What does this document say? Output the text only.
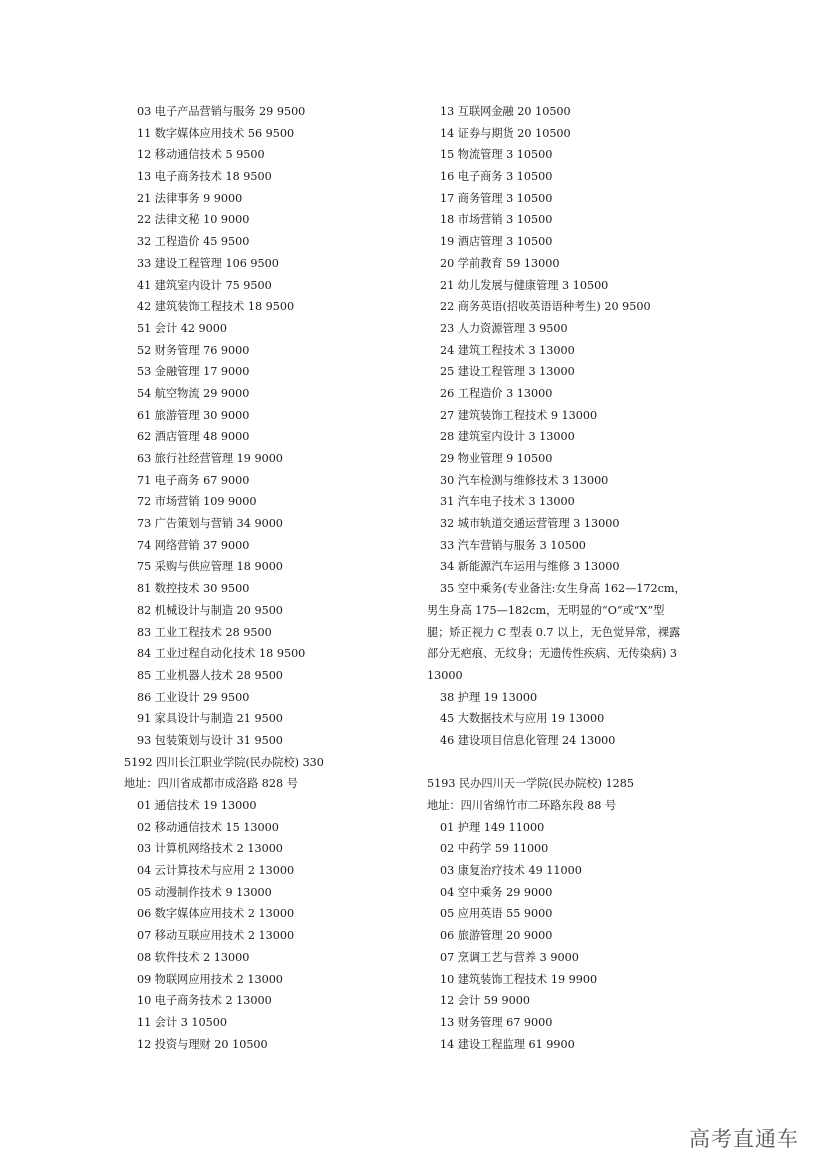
03 电子产品营销与服务 29 9500
11 数字媒体应用技术 56 9500
12 移动通信技术 5 9500
13 电子商务技术 18 9500
21 法律事务 9 9000
22 法律文秘 10 9000
32 工程造价 45 9500
33 建设工程管理 106 9500
41 建筑室内设计 75 9500
42 建筑装饰工程技术 18 9500
51 会计 42 9000
52 财务管理 76 9000
53 金融管理 17 9000
54 航空物流 29 9000
61 旅游管理 30 9000
62 酒店管理 48 9000
63 旅行社经营管理 19 9000
71 电子商务 67 9000
72 市场营销 109 9000
73 广告策划与营销 34 9000
74 网络营销 37 9000
75 采购与供应管理 18 9000
81 数控技术 30 9500
82 机械设计与制造 20 9500
83 工业工程技术 28 9500
84 工业过程自动化技术 18 9500
85 工业机器人技术 28 9500
86 工业设计 29 9500
91 家具设计与制造 21 9500
93 包装策划与设计 31 9500
5192 四川长江职业学院(民办院校) 330
地址：四川省成都市成洛路 828 号
01 通信技术 19 13000
02 移动通信技术 15 13000
03 计算机网络技术 2 13000
04 云计算技术与应用 2 13000
05 动漫制作技术 9 13000
06 数字媒体应用技术 2 13000
07 移动互联应用技术 2 13000
08 软件技术 2 13000
09 物联网应用技术 2 13000
10 电子商务技术 2 13000
11 会计 3 10500
12 投资与理财 20 10500
13 互联网金融 20 10500
14 证券与期货 20 10500
15 物流管理 3 10500
16 电子商务 3 10500
17 商务管理 3 10500
18 市场营销 3 10500
19 酒店管理 3 10500
20 学前教育 59 13000
21 幼儿发展与健康管理 3 10500
22 商务英语(招收英语语种考生) 20 9500
23 人力资源管理 3 9500
24 建筑工程技术 3 13000
25 建设工程管理 3 13000
26 工程造价 3 13000
27 建筑装饰工程技术 9 13000
28 建筑室内设计 3 13000
29 物业管理 9 10500
30 汽车检测与维修技术 3 13000
31 汽车电子技术 3 13000
32 城市轨道交通运营管理 3 13000
33 汽车营销与服务 3 10500
34 新能源汽车运用与维修 3 13000
35 空中乘务(专业备注:女生身高 162—172cm，
男生身高 175—182cm，无明显的“O”或“X”型
腿；矫正视力 C 型表 0.7 以上，无色觉异常，裸露
部分无疤痕、无纹身；无遗传性疾病、无传染病) 3
13000
38 护理 19 13000
45 大数据技术与应用 19 13000
46 建设项目信息化管理 24 13000
5193 民办四川天一学院(民办院校) 1285
地址：四川省绵竹市二环路东段 88 号
01 护理 149 11000
02 中药学 59 11000
03 康复治疗技术 49 11000
04 空中乘务 29 9000
05 应用英语 55 9000
06 旅游管理 20 9000
07 烹调工艺与营养 3 9000
10 建筑装饰工程技术 19 9900
12 会计 59 9000
13 财务管理 67 9000
14 建设工程监理 61 9900
高考直通车
